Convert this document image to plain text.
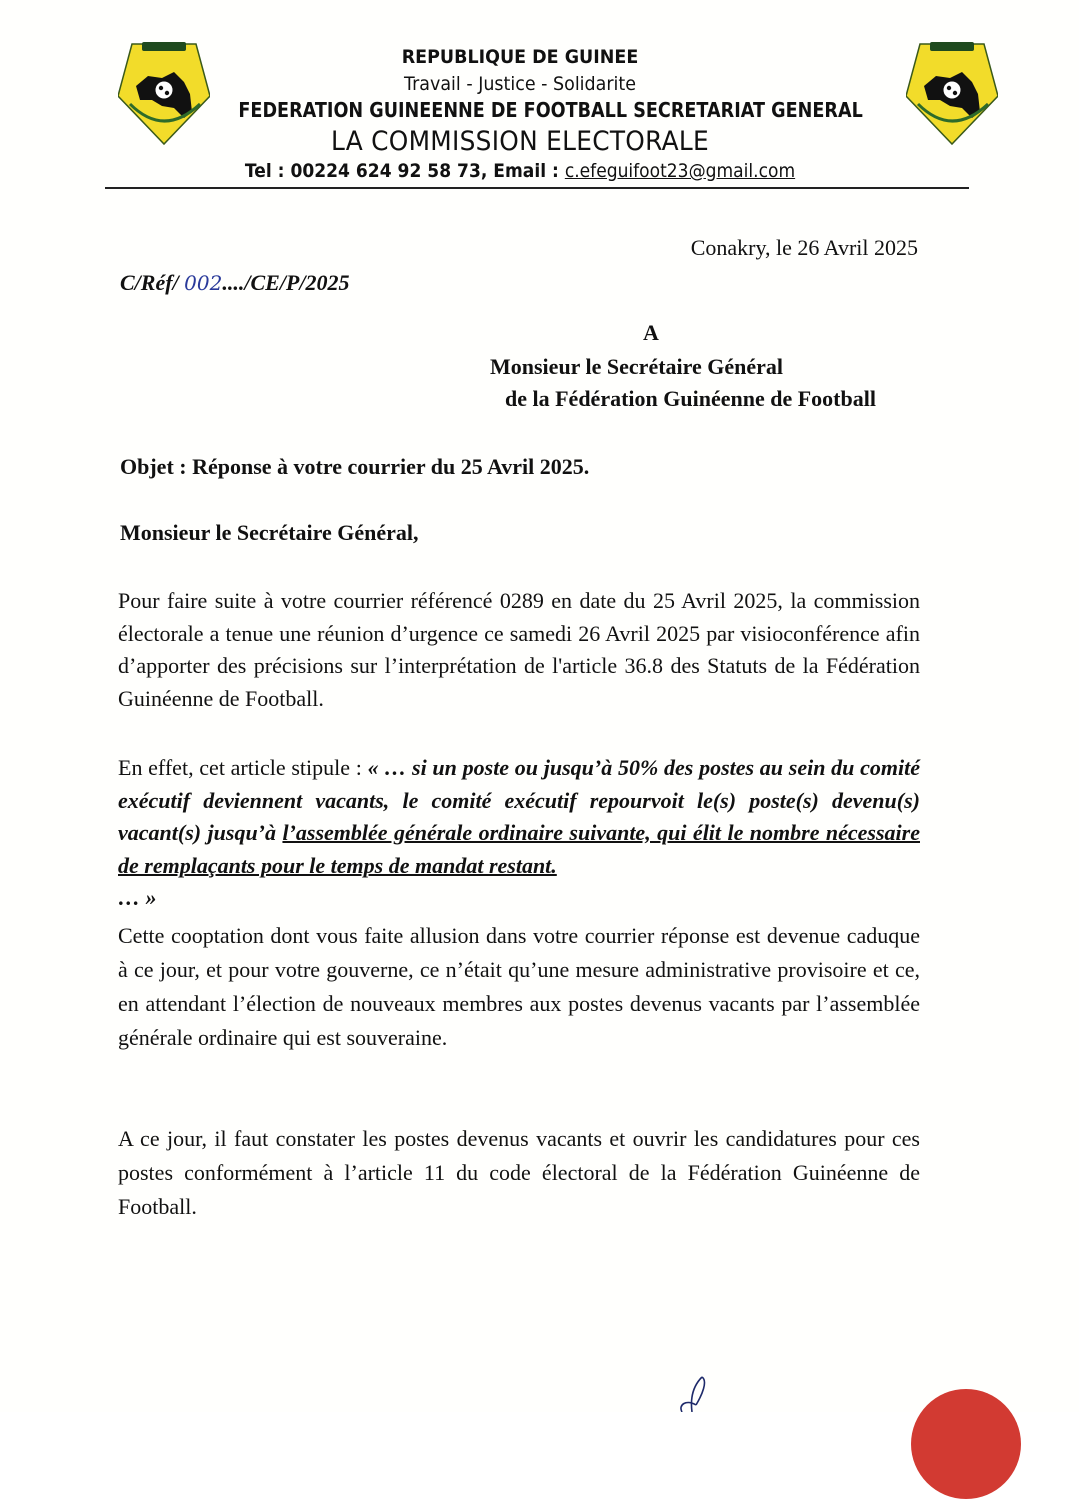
REPUBLIQUE DE GUINEE
Travail - Justice - Solidarite
FEDERATION GUINEENNE DE FOOTBALL SECRETARIAT GENERAL
LA COMMISSION ELECTORALE
Tel : 00224 624 92 58 73, Email : c.efeguifoot23@gmail.com
Conakry, le 26 Avril 2025
C/Réf/ 002..../CE/P/2025
A
Monsieur le Secrétaire Général
de la Fédération Guinéenne de Football
Objet : Réponse à votre courrier du 25 Avril 2025.
Monsieur le Secrétaire Général,
Pour faire suite à votre courrier référencé 0289 en date du 25 Avril 2025, la commission électorale a tenue une réunion d’urgence ce samedi 26 Avril 2025 par visioconférence afin d’apporter des précisions sur l’interprétation de l'article 36.8 des Statuts de la Fédération Guinéenne de Football.
En effet, cet article stipule : « … si un poste ou jusqu’à 50% des postes au sein du comité exécutif deviennent vacants, le comité exécutif repourvoit le(s) poste(s) devenu(s) vacant(s) jusqu’à l’assemblée générale ordinaire suivante, qui élit le nombre nécessaire de remplaçants pour le temps de mandat restant.
… »
Cette cooptation dont vous faite allusion dans votre courrier réponse est devenue caduque à ce jour, et pour votre gouverne, ce n’était qu’une mesure administrative provisoire et ce, en attendant l’élection de nouveaux membres aux postes devenus vacants par l’assemblée générale ordinaire qui est souveraine.
A ce jour, il faut constater les postes devenus vacants et ouvrir les candidatures pour ces postes conformément à l’article 11 du code électoral de la Fédération Guinéenne de Football.
